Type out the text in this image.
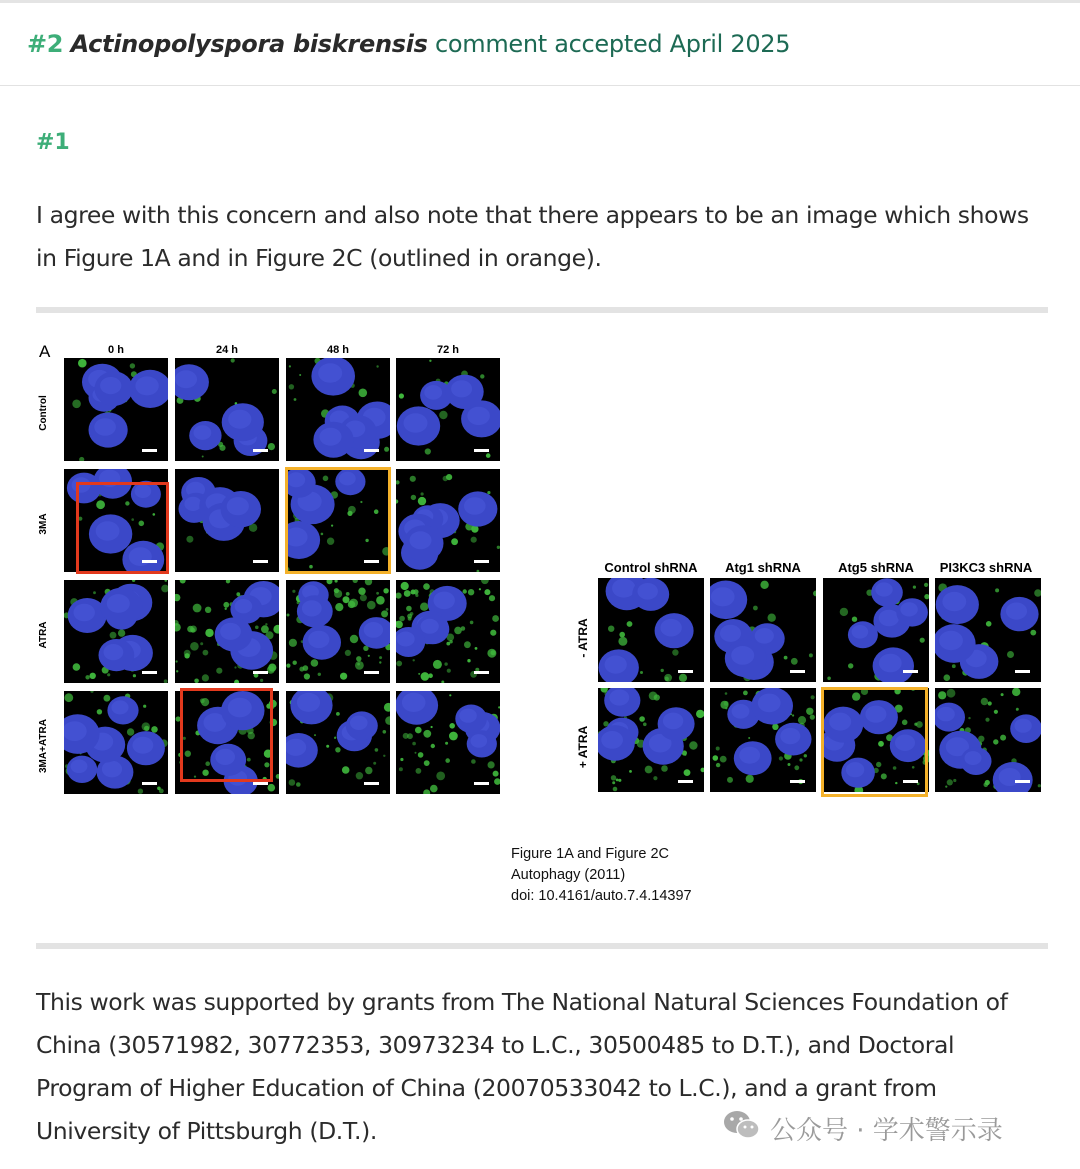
#2 Actinopolyspora biskrensis comment accepted April 2025
#1
I agree with this concern and also note that there appears to be an image which shows in Figure 1A and in Figure 2C (outlined in orange).
A	0 h	24 h	48 h	72 h
Control
3MA
ATRA
3MA+ATRA
Control shRNA	Atg1 shRNA	Atg5 shRNA	PI3KC3 shRNA
- ATRA
+ ATRA
Figure 1A and Figure 2C
Autophagy (2011)
doi: 10.4161/auto.7.4.14397
This work was supported by grants from The National Natural Sciences Foundation of China (30571982, 30772353, 30973234 to L.C., 30500485 to D.T.), and Doctoral Program of Higher Education of China (20070533042 to L.C.), and a grant from University of Pittsburgh (D.T.).	公众号 · 学术警示录
